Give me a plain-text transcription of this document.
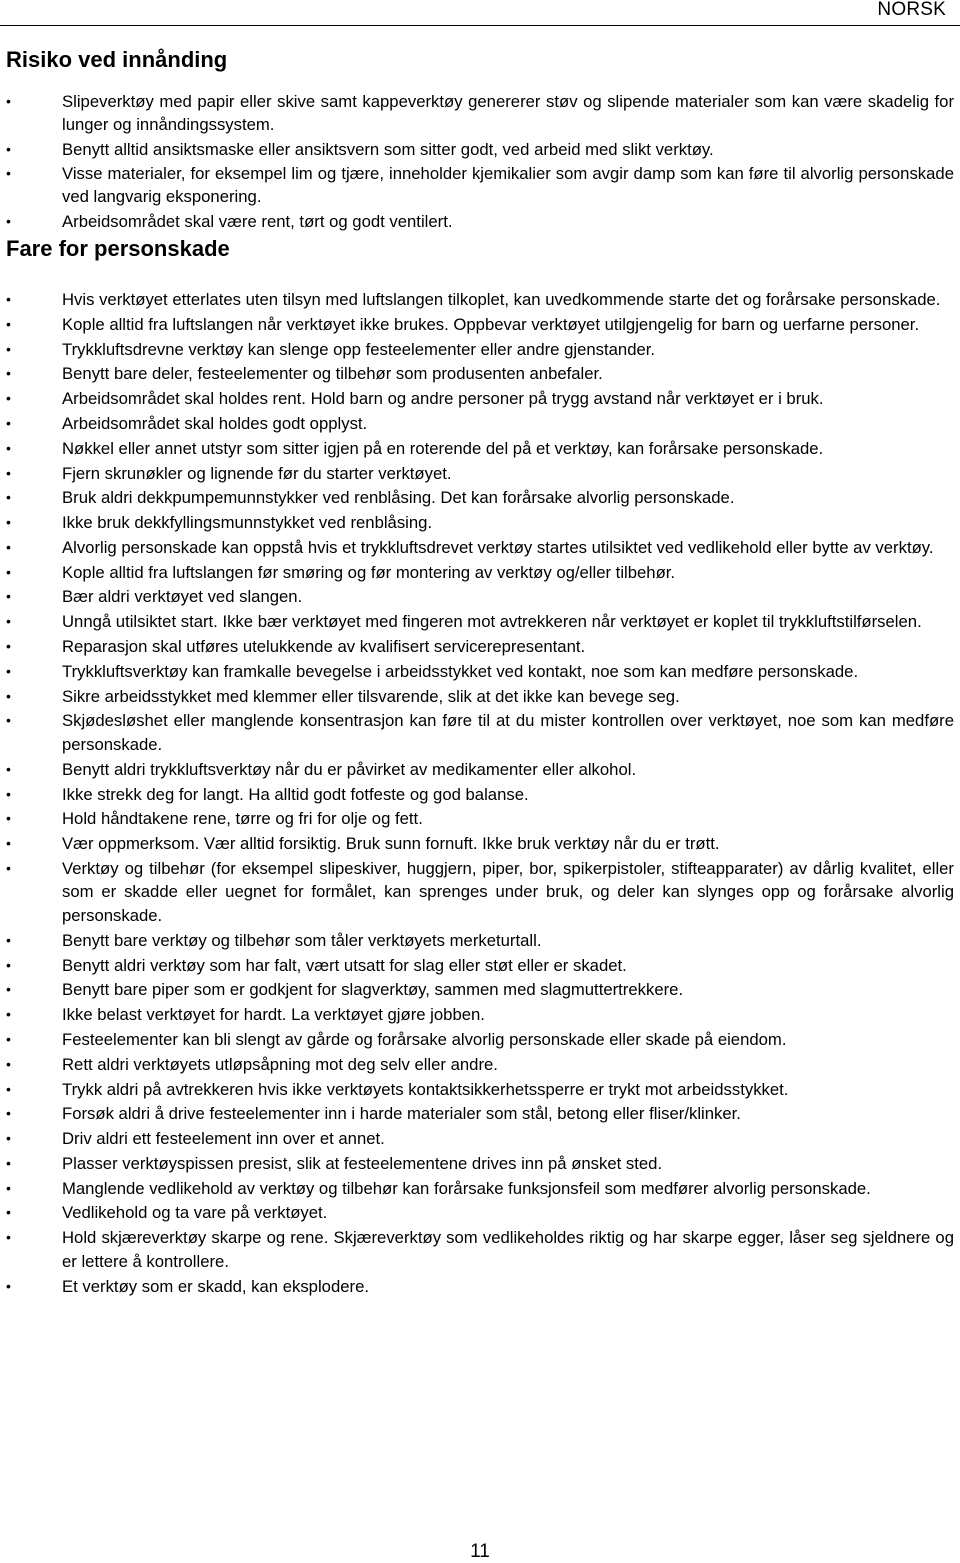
NORSK
Risiko ved innånding
•	Slipeverktøy med papir eller skive samt kappeverktøy genererer støv og slipende materialer som kan være skadelig for lunger og innåndingssystem.
•	Benytt alltid ansiktsmaske eller ansiktsvern som sitter godt, ved arbeid med slikt verktøy.
•	Visse materialer, for eksempel lim og tjære, inneholder kjemikalier som avgir damp som kan føre til alvorlig personskade ved langvarig eksponering.
•	Arbeidsområdet skal være rent, tørt og godt ventilert.
Fare for personskade
•	Hvis verktøyet etterlates uten tilsyn med luftslangen tilkoplet, kan uvedkommende starte det og forårsake personskade.
•	Kople alltid fra luftslangen når verktøyet ikke brukes. Oppbevar verktøyet utilgjengelig for barn og uerfarne personer.
•	Trykkluftsdrevne verktøy kan slenge opp festeelementer eller andre gjenstander.
•	Benytt bare deler, festeelementer og tilbehør som produsenten anbefaler.
•	Arbeidsområdet skal holdes rent. Hold barn og andre personer på trygg avstand når verktøyet er i bruk.
•	Arbeidsområdet skal holdes godt opplyst.
•	Nøkkel eller annet utstyr som sitter igjen på en roterende del på et verktøy, kan forårsake personskade.
•	Fjern skrunøkler og lignende før du starter verktøyet.
•	Bruk aldri dekkpumpemunnstykker ved renblåsing. Det kan forårsake alvorlig personskade.
•	Ikke bruk dekkfyllingsmunnstykket ved renblåsing.
•	Alvorlig personskade kan oppstå hvis et trykkluftsdrevet verktøy startes utilsiktet ved vedlikehold eller bytte av verktøy.
•	Kople alltid fra luftslangen før smøring og før montering av verktøy og/eller tilbehør.
•	Bær aldri verktøyet ved slangen.
•	Unngå utilsiktet start. Ikke bær verktøyet med fingeren mot avtrekkeren når verktøyet er koplet til trykkluftstilførselen.
•	Reparasjon skal utføres utelukkende av kvalifisert servicerepresentant.
•	Trykkluftsverktøy kan framkalle bevegelse i arbeidsstykket ved kontakt, noe som kan medføre personskade.
•	Sikre arbeidsstykket med klemmer eller tilsvarende, slik at det ikke kan bevege seg.
•	Skjødesløshet eller manglende konsentrasjon kan føre til at du mister kontrollen over verktøyet, noe som kan medføre personskade.
•	Benytt aldri trykkluftsverktøy når du er påvirket av medikamenter eller alkohol.
•	Ikke strekk deg for langt. Ha alltid godt fotfeste og god balanse.
•	Hold håndtakene rene, tørre og fri for olje og fett.
•	Vær oppmerksom. Vær alltid forsiktig. Bruk sunn fornuft. Ikke bruk verktøy når du er trøtt.
•	Verktøy og tilbehør (for eksempel slipeskiver, huggjern, piper, bor, spikerpistoler, stifteapparater) av dårlig kvalitet, eller som er skadde eller uegnet for formålet, kan sprenges under bruk, og deler kan slynges opp og forårsake alvorlig personskade.
•	Benytt bare verktøy og tilbehør som tåler verktøyets merketurtall.
•	Benytt aldri verktøy som har falt, vært utsatt for slag eller støt eller er skadet.
•	Benytt bare piper som er godkjent for slagverktøy, sammen med slagmuttertrekkere.
•	Ikke belast verktøyet for hardt. La verktøyet gjøre jobben.
•	Festeelementer kan bli slengt av gårde og forårsake alvorlig personskade eller skade på eiendom.
•	Rett aldri verktøyets utløpsåpning mot deg selv eller andre.
•	Trykk aldri på avtrekkeren hvis ikke verktøyets kontaktsikkerhetssperre er trykt mot arbeidsstykket.
•	Forsøk aldri å drive festeelementer inn i harde materialer som stål, betong eller fliser/klinker.
•	Driv aldri ett festeelement inn over et annet.
•	Plasser verktøyspissen presist, slik at festeelementene drives inn på ønsket sted.
•	Manglende vedlikehold av verktøy og tilbehør kan forårsake funksjonsfeil som medfører alvorlig personskade.
•	Vedlikehold og ta vare på verktøyet.
•	Hold skjæreverktøy skarpe og rene. Skjæreverktøy som vedlikeholdes riktig og har skarpe egger, låser seg sjeldnere og er lettere å kontrollere.
•	Et verktøy som er skadd, kan eksplodere.
11
